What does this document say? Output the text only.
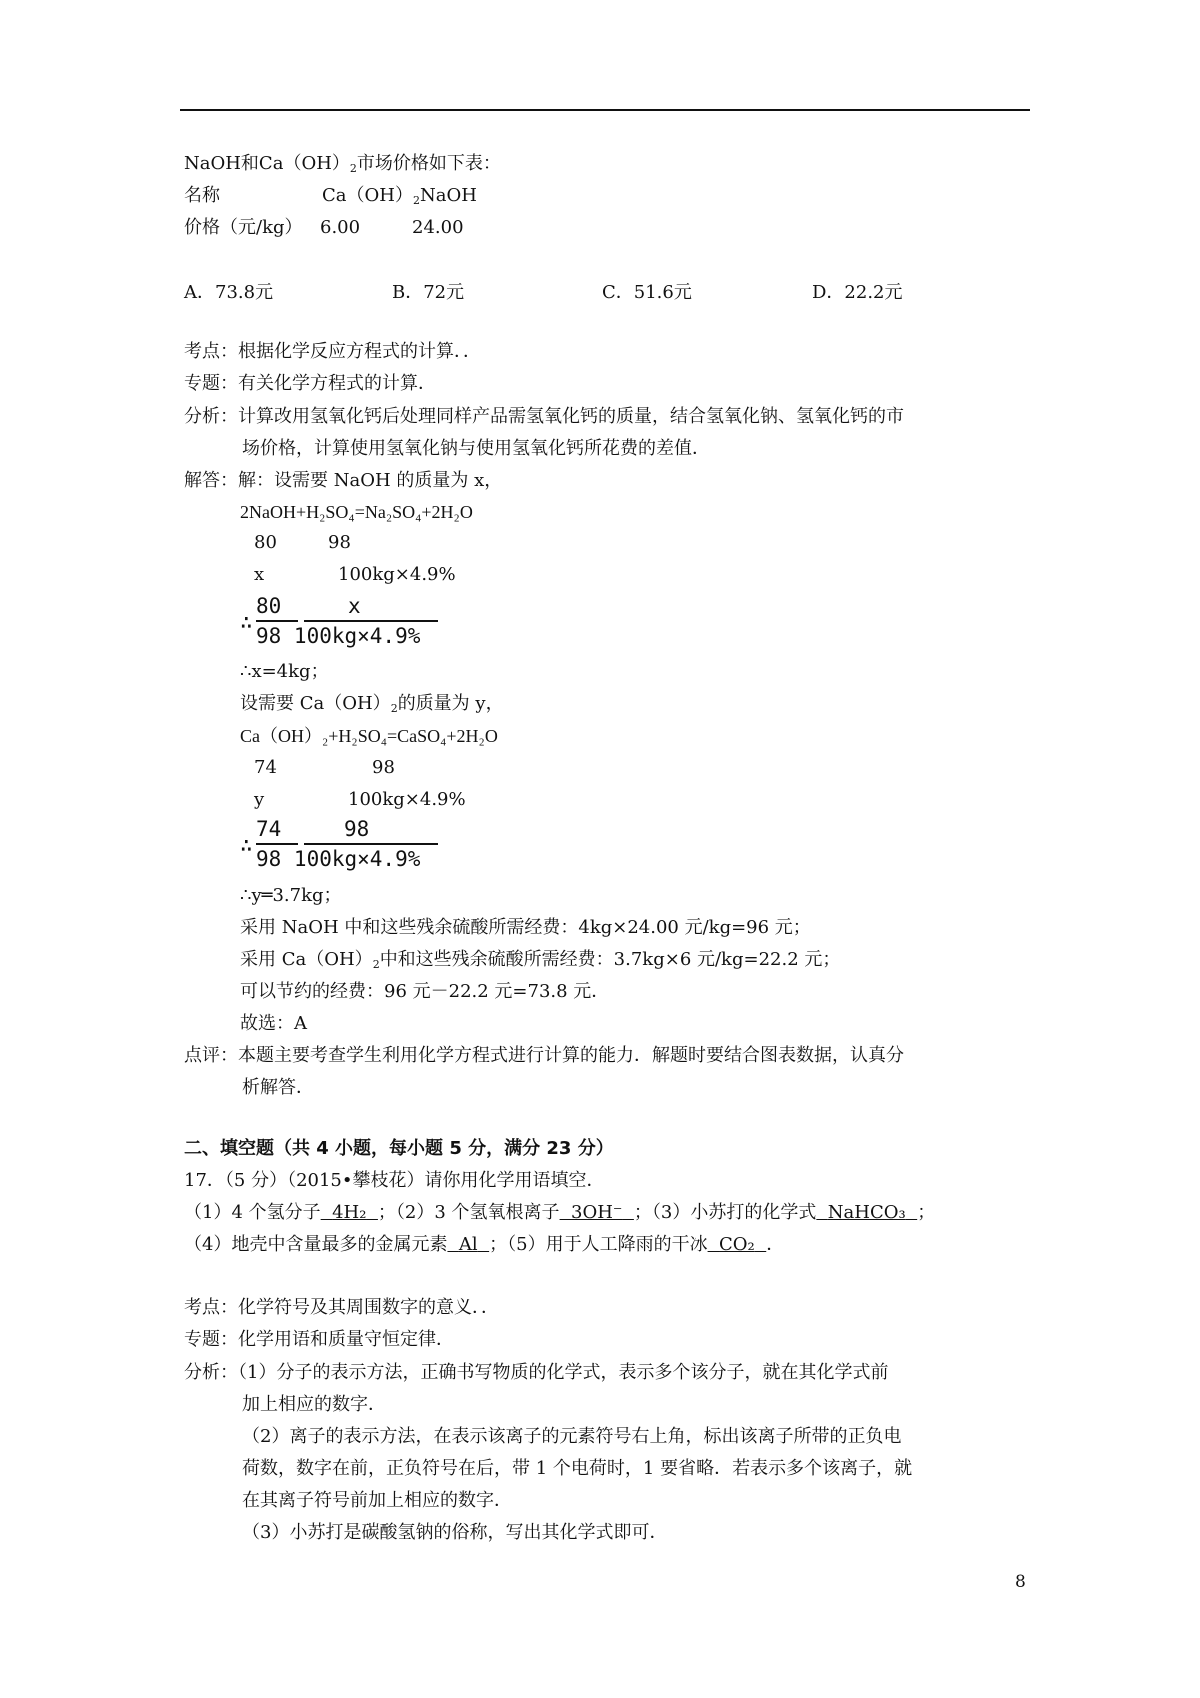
NaOH和$Ca(OH)_2$市场价格如下表：
名称	$Ca(OH)_2NaOH$
价格（元/kg） 6.00	24.00
A．73.8元	B．72元	C．51.6元	D．22.2元
考点：根据化学反应方程式的计算．．
专题：有关化学方程式的计算．
分析：计算改用氢氧化钙后处理同样产品需氢氧化钙的质量，结合氢氧化钠、氢氧化钙的市
场价格，计算使用氢氧化钠与使用氢氧化钙所花费的差值．
解答：解：设需要 NaOH 的质量为 x，
2NaOH+H₂SO₄=Na₂SO₄+2H₂O
80	98
x	100kg×4.9%
∴
80	x
98 100kg×4.9%
∴x=4kg；
设需要 $Ca(OH)_2$的质量为 y，
Ca（OH）₂+H₂SO₄=CaSO₄+2H₂O
74	98
y	100kg×4.9%
∴
74	98
98 100kg×4.9%
∴y═3.7kg；
采用 NaOH 中和这些残余硫酸所需经费：4kg×24.00 元/kg=96 元；
采用 $Ca(OH)_2$中和这些残余硫酸所需经费：3.7kg×6 元/kg=22.2 元；
可以节约的经费：96 元－22.2 元=73.8 元．
故选：A
点评：本题主要考查学生利用化学方程式进行计算的能力．解题时要结合图表数据，认真分
析解答．
二、填空题（共 4 小题，每小题 5 分，满分 23 分）
17．（5 分）（2015•攀枝花）请你用化学用语填空．
（1）4 个氢分子 4H₂ ；（2）3 个氢氧根离子 3OH⁻ ；（3）小苏打的化学式 NaHCO₃ ；
（4）地壳中含量最多的金属元素 Al ；（5）用于人工降雨的干冰 CO₂ ．
考点：化学符号及其周围数字的意义．．
专题：化学用语和质量守恒定律．
分析：（1）分子的表示方法，正确书写物质的化学式，表示多个该分子，就在其化学式前
加上相应的数字．
（2）离子的表示方法，在表示该离子的元素符号右上角，标出该离子所带的正负电
荷数，数字在前，正负符号在后，带 1 个电荷时，1 要省略．若表示多个该离子，就
在其离子符号前加上相应的数字．
（3）小苏打是碳酸氢钠的俗称，写出其化学式即可．
8
